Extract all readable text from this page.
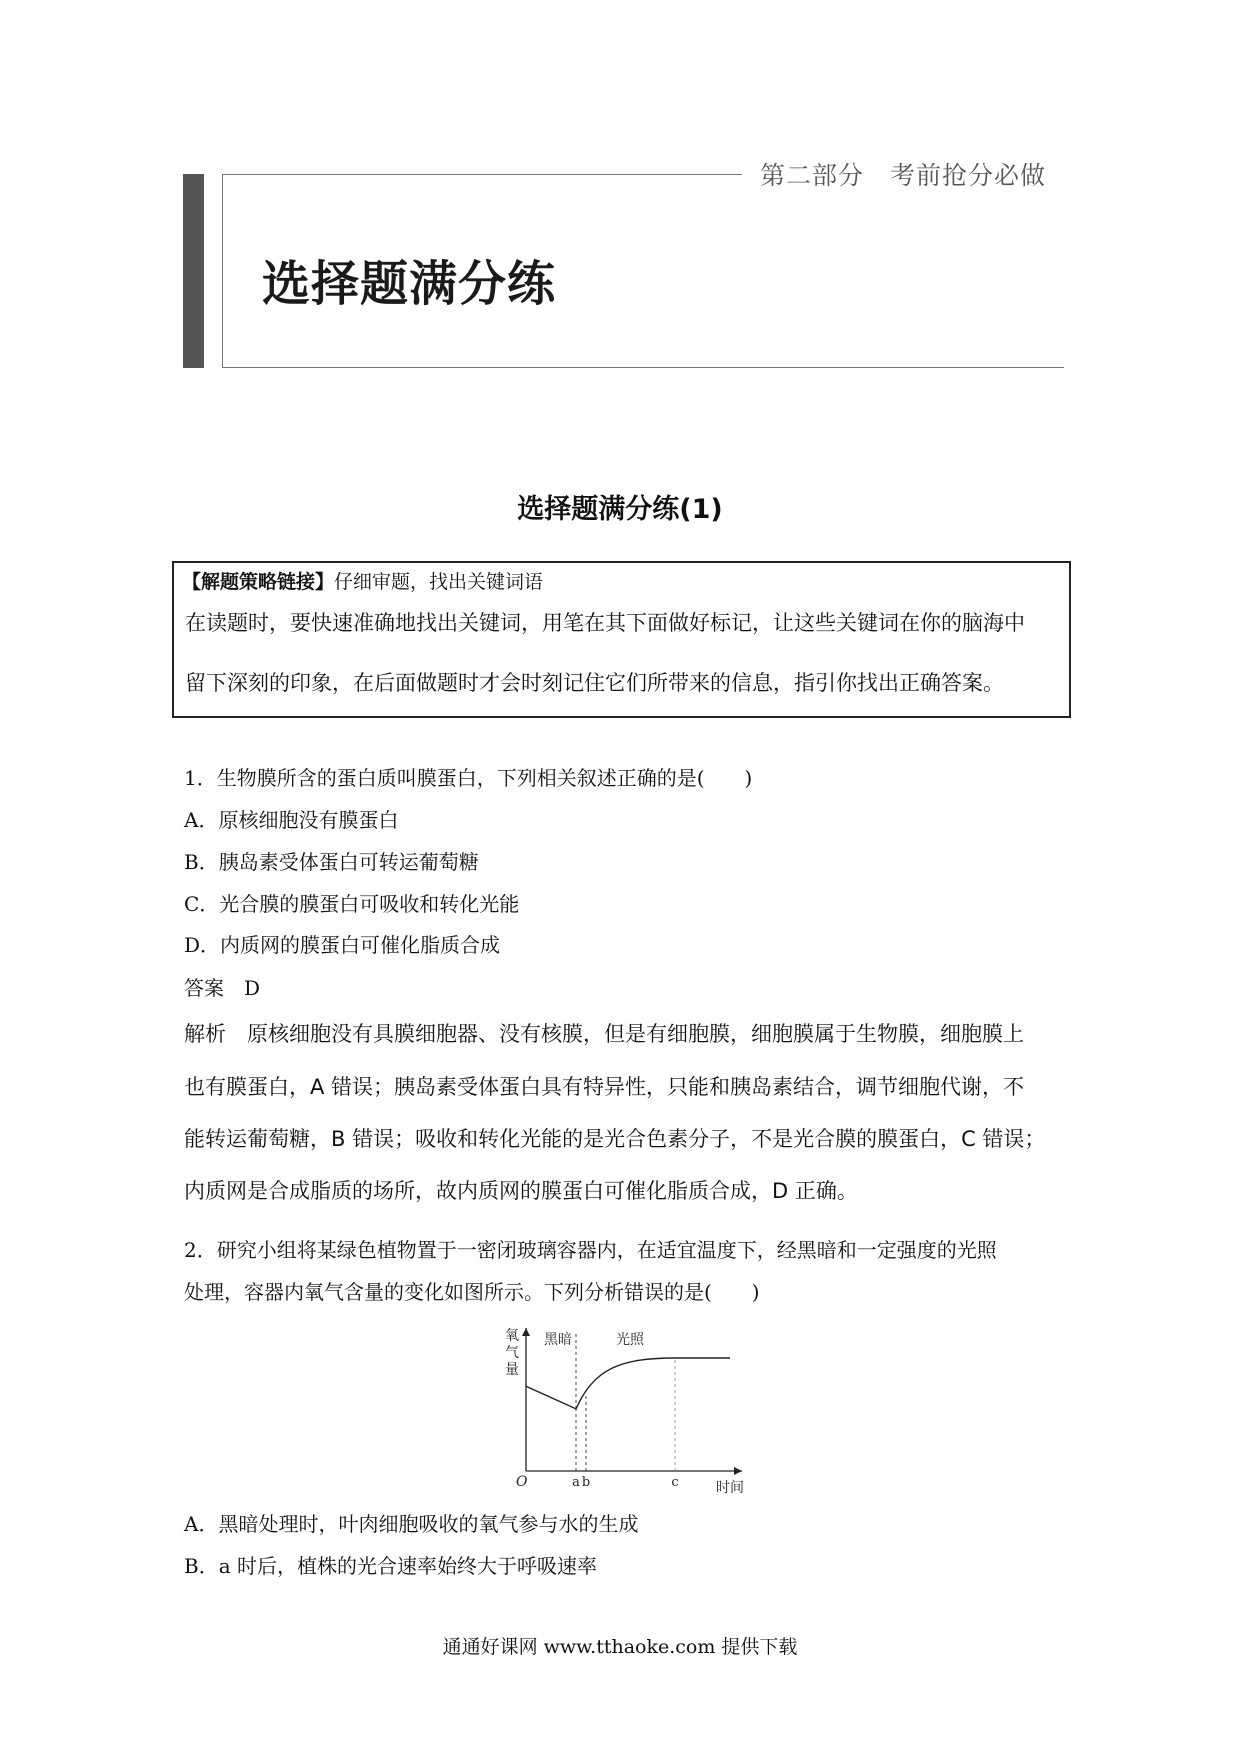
第二部分　考前抢分必做
选择题满分练
选择题满分练(1)
【解题策略链接】仔细审题，找出关键词语
在读题时，要快速准确地找出关键词，用笔在其下面做好标记，让这些关键词在你的脑海中
留下深刻的印象，在后面做题时才会时刻记住它们所带来的信息，指引你找出正确答案。
1．生物膜所含的蛋白质叫膜蛋白，下列相关叙述正确的是(　　)
A．原核细胞没有膜蛋白
B．胰岛素受体蛋白可转运葡萄糖
C．光合膜的膜蛋白可吸收和转化光能
D．内质网的膜蛋白可催化脂质合成
答案　D
解析　原核细胞没有具膜细胞器、没有核膜，但是有细胞膜，细胞膜属于生物膜，细胞膜上
也有膜蛋白，A 错误；胰岛素受体蛋白具有特异性，只能和胰岛素结合，调节细胞代谢，不
能转运葡萄糖，B 错误；吸收和转化光能的是光合色素分子，不是光合膜的膜蛋白，C 错误；
内质网是合成脂质的场所，故内质网的膜蛋白可催化脂质合成，D 正确。
2．研究小组将某绿色植物置于一密闭玻璃容器内，在适宜温度下，经黑暗和一定强度的光照
处理，容器内氧气含量的变化如图所示。下列分析错误的是(　　)
氧
气
量
O	时间
黑暗	光照
a b	c
A．黑暗处理时，叶肉细胞吸收的氧气参与水的生成
B．a 时后，植株的光合速率始终大于呼吸速率
通通好课网 www.tthaoke.com 提供下载
